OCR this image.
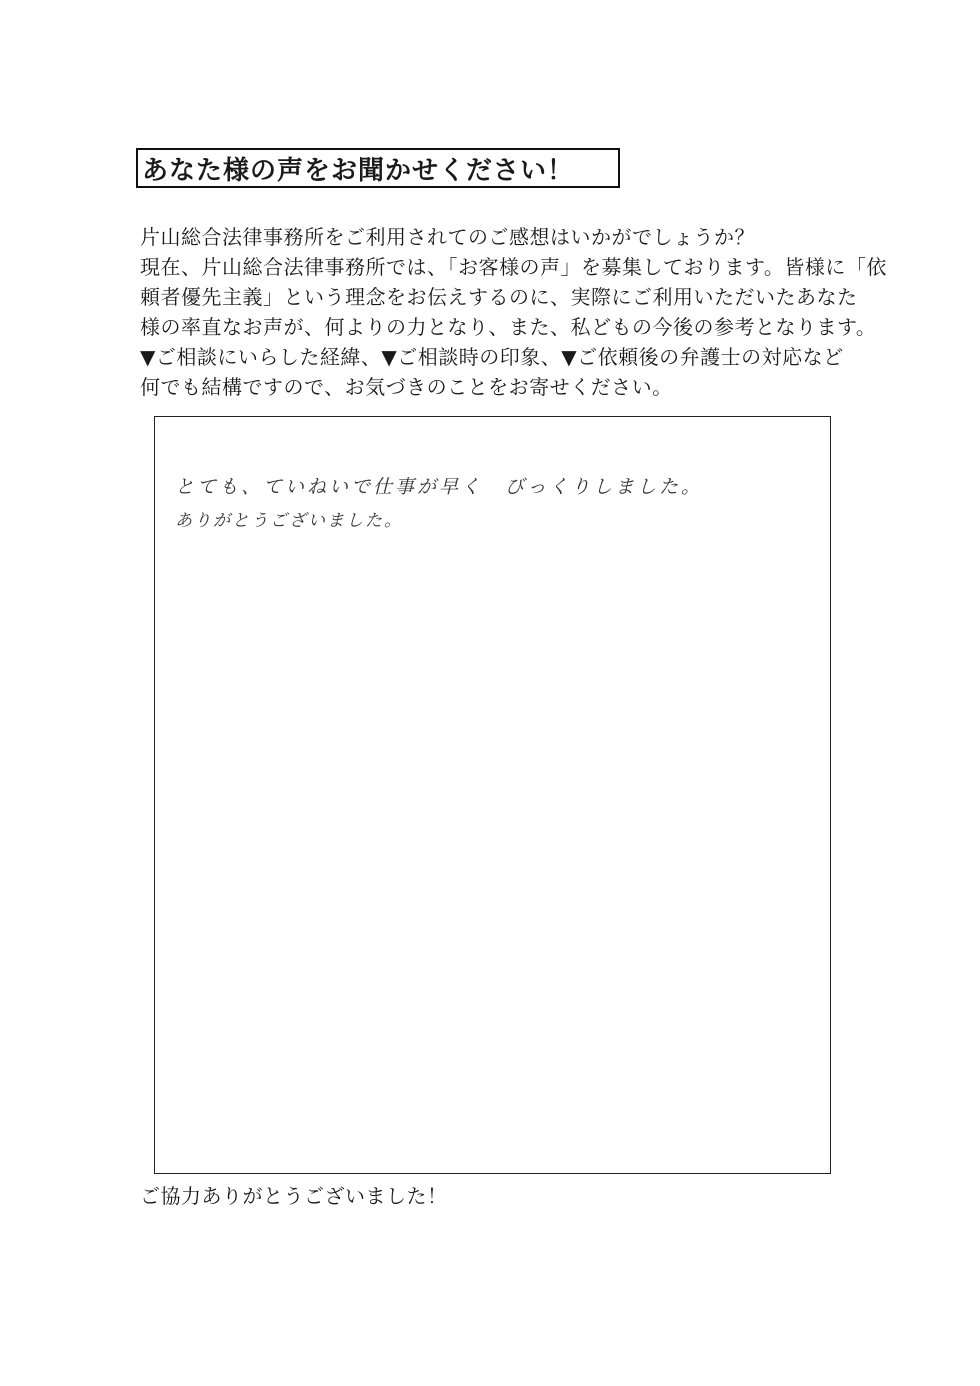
あなた様の声をお聞かせください！
片山総合法律事務所をご利用されてのご感想はいかがでしょうか？
現在、片山総合法律事務所では、「お客様の声」を募集しております。皆様に「依
頼者優先主義」という理念をお伝えするのに、実際にご利用いただいたあなた
様の率直なお声が、何よりの力となり、また、私どもの今後の参考となります。
▼ご相談にいらした経緯、▼ご相談時の印象、▼ご依頼後の弁護士の対応など
何でも結構ですので、お気づきのことをお寄せください。
とても、ていねいで仕事が早く　びっくりしました。
ありがとうございました。
ご協力ありがとうございました！
